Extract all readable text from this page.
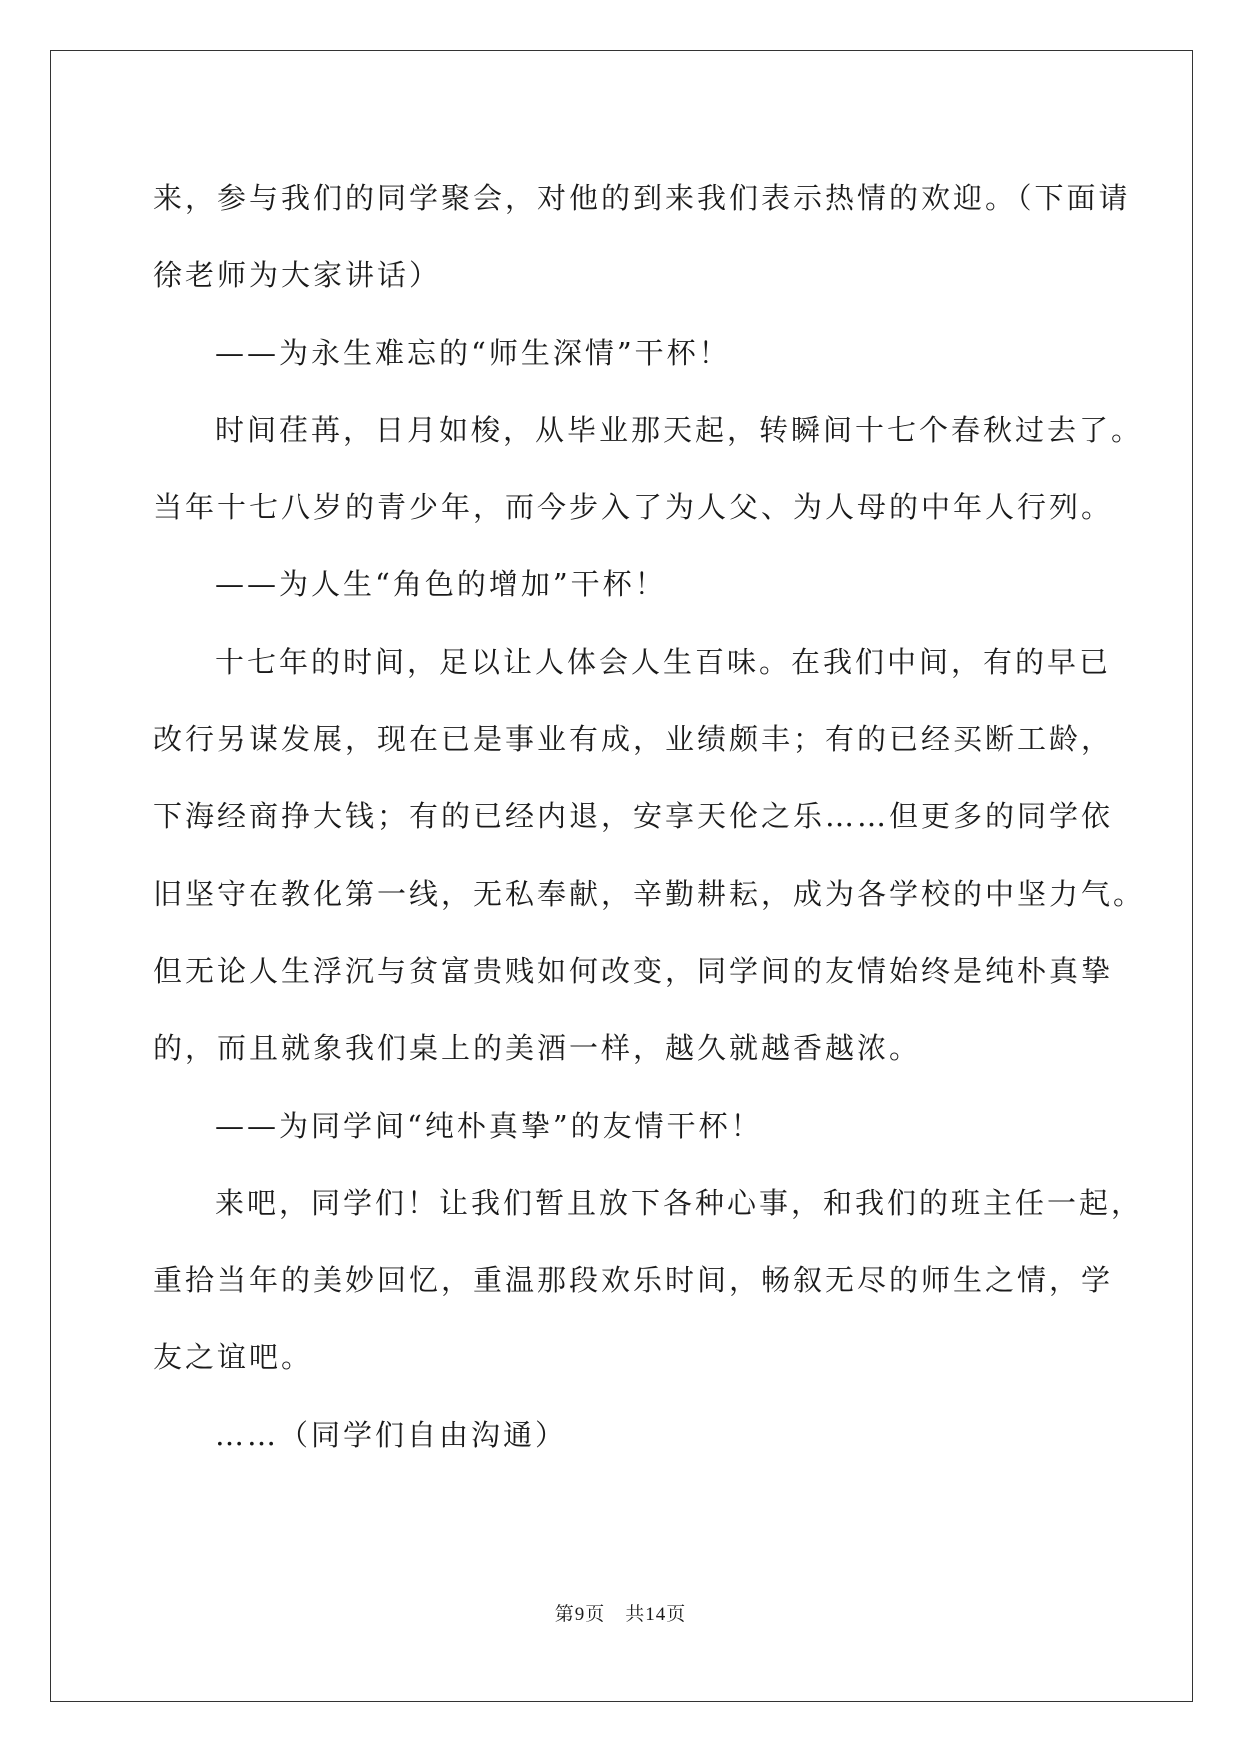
来，参与我们的同学聚会，对他的到来我们表示热情的欢迎。（下面请
徐老师为大家讲话）
——为永生难忘的“师生深情”干杯！
时间荏苒，日月如梭，从毕业那天起，转瞬间十七个春秋过去了。
当年十七八岁的青少年，而今步入了为人父、为人母的中年人行列。
——为人生“角色的增加”干杯！
十七年的时间，足以让人体会人生百味。在我们中间，有的早已
改行另谋发展，现在已是事业有成，业绩颇丰；有的已经买断工龄，
下海经商挣大钱；有的已经内退，安享天伦之乐……但更多的同学依
旧坚守在教化第一线，无私奉献，辛勤耕耘，成为各学校的中坚力气。
但无论人生浮沉与贫富贵贱如何改变，同学间的友情始终是纯朴真挚
的，而且就象我们桌上的美酒一样，越久就越香越浓。
——为同学间“纯朴真挚”的友情干杯！
来吧，同学们！让我们暂且放下各种心事，和我们的班主任一起，
重拾当年的美妙回忆，重温那段欢乐时间，畅叙无尽的师生之情，学
友之谊吧。
……（同学们自由沟通）
第9页　共14页
